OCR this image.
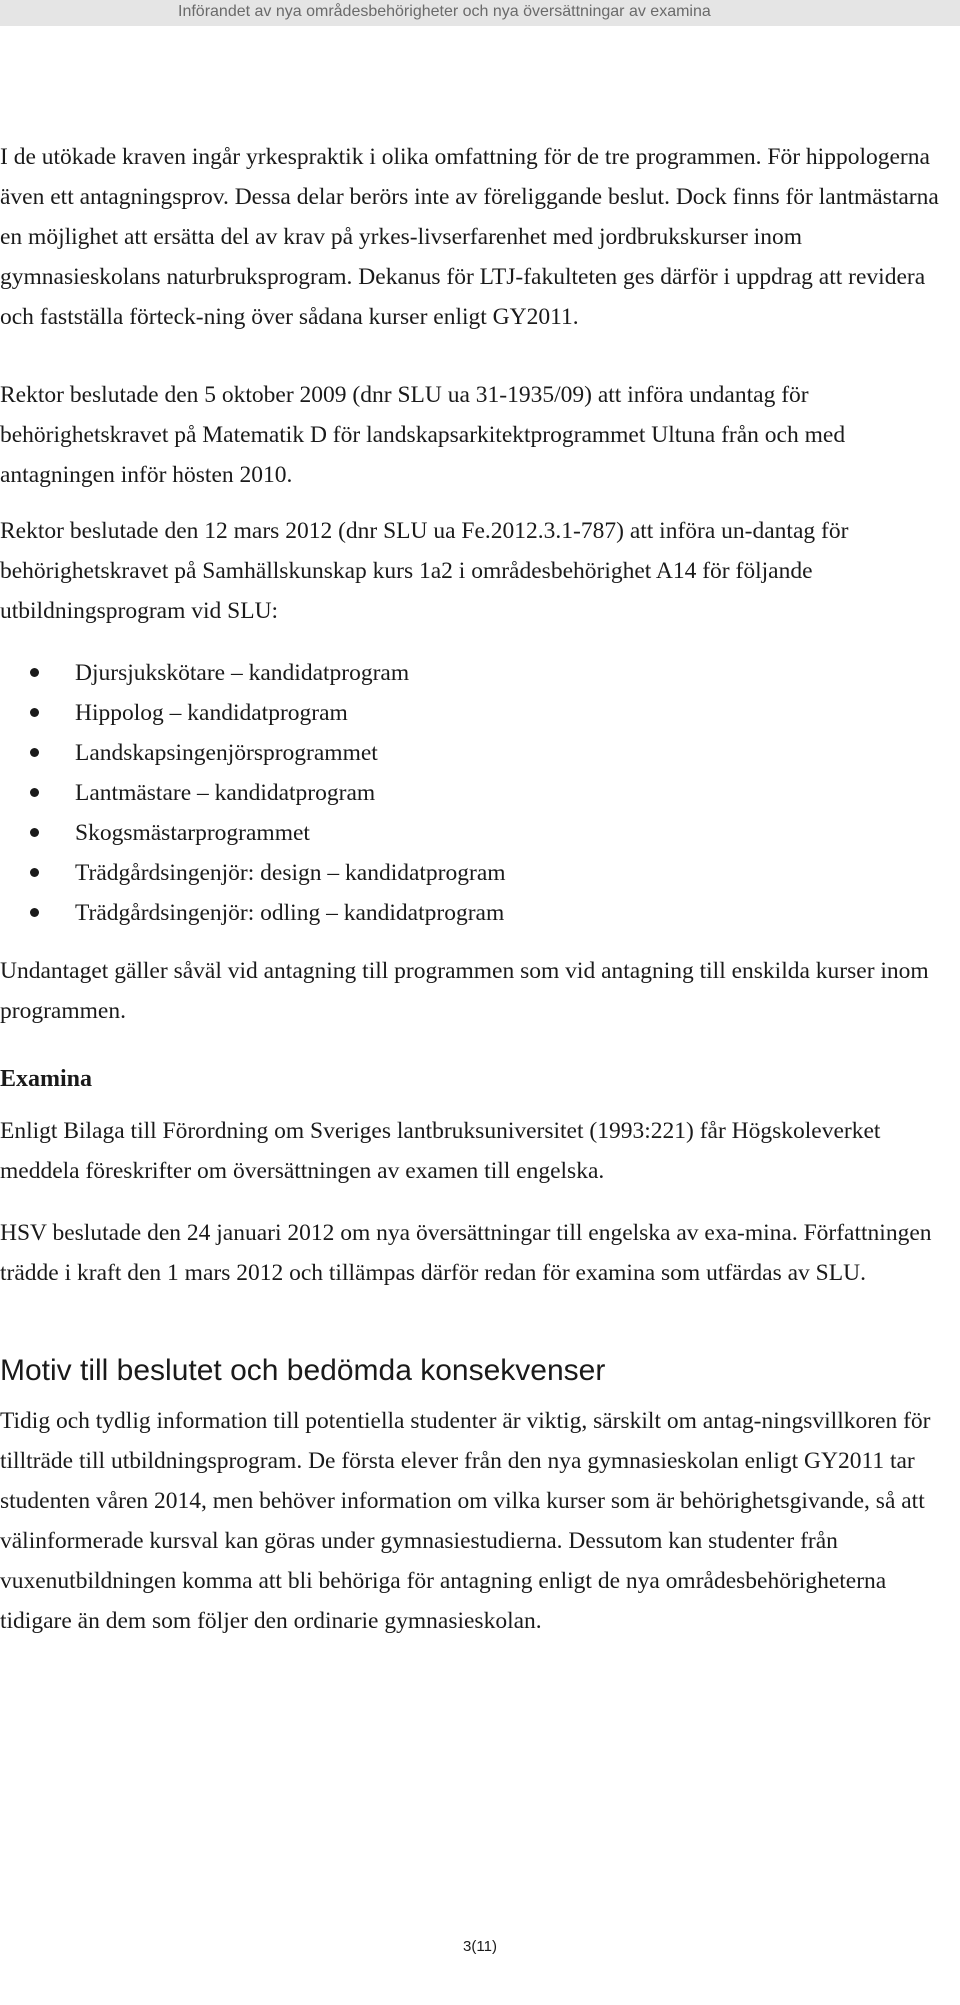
Införandet av nya områdesbehörigheter och nya översättningar av examina

I de utökade kraven ingår yrkespraktik i olika omfattning för de tre programmen. För hippologerna även ett antagningsprov. Dessa delar berörs inte av föreliggande beslut. Dock finns för lantmästarna en möjlighet att ersätta del av krav på yrkes-livserfarenhet med jordbrukskurser inom gymnasieskolans naturbruksprogram. Dekanus för LTJ-fakulteten ges därför i uppdrag att revidera och fastställa förteck-ning över sådana kurser enligt GY2011.

Rektor beslutade den 5 oktober 2009 (dnr SLU ua 31-1935/09) att införa undantag för behörighetskravet på Matematik D för landskapsarkitektprogrammet Ultuna från och med antagningen inför hösten 2010.

Rektor beslutade den 12 mars 2012 (dnr SLU ua Fe.2012.3.1-787) att införa un-dantag för behörighetskravet på Samhällskunskap kurs 1a2 i områdesbehörighet A14 för följande utbildningsprogram vid SLU:

Djursjukskötare – kandidatprogram
Hippolog – kandidatprogram
Landskapsingenjörsprogrammet
Lantmästare – kandidatprogram
Skogsmästarprogrammet
Trädgårdsingenjör: design – kandidatprogram
Trädgårdsingenjör: odling – kandidatprogram

Undantaget gäller såväl vid antagning till programmen som vid antagning till enskilda kurser inom programmen.

Examina

Enligt Bilaga till Förordning om Sveriges lantbruksuniversitet (1993:221) får Högskoleverket meddela föreskrifter om översättningen av examen till engelska.

HSV beslutade den 24 januari 2012 om nya översättningar till engelska av exa-mina. Författningen trädde i kraft den 1 mars 2012 och tillämpas därför redan för examina som utfärdas av SLU.

Motiv till beslutet och bedömda konsekvenser

Tidig och tydlig information till potentiella studenter är viktig, särskilt om antag-ningsvillkoren för tillträde till utbildningsprogram. De första elever från den nya gymnasieskolan enligt GY2011 tar studenten våren 2014, men behöver information om vilka kurser som är behörighetsgivande, så att välinformerade kursval kan göras under gymnasiestudierna. Dessutom kan studenter från vuxenutbildningen komma att bli behöriga för antagning enligt de nya områdesbehörigheterna tidigare än dem som följer den ordinarie gymnasieskolan.

3(11)
